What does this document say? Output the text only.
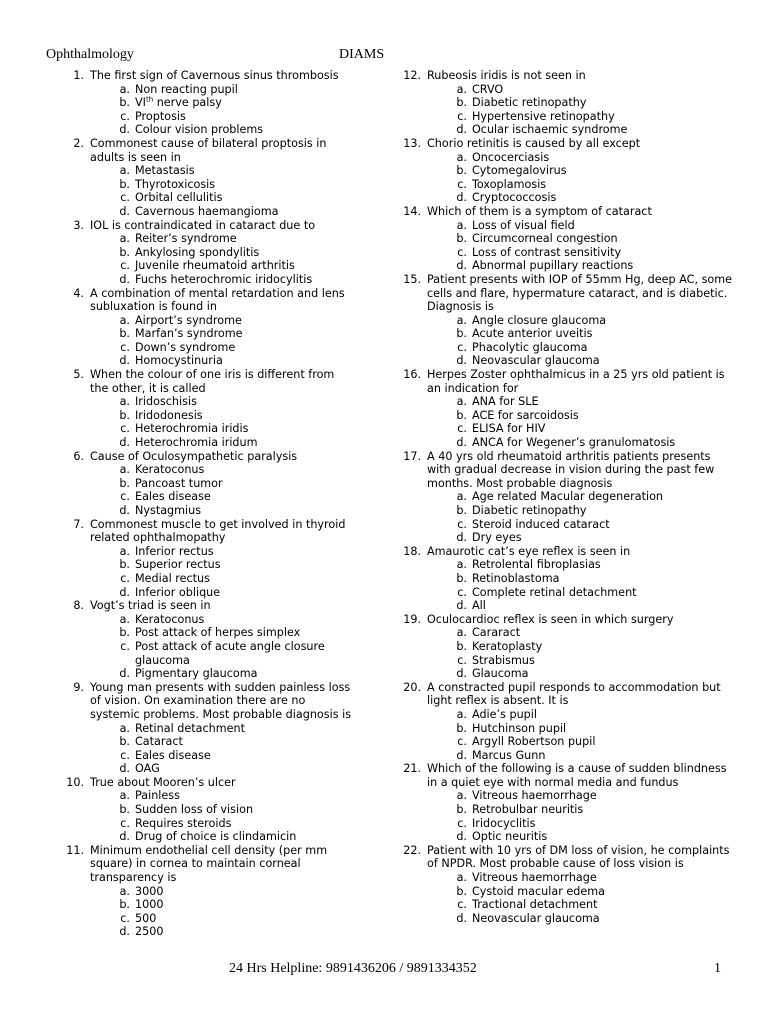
Ophthalmology	DIAMS
1. The first sign of Cavernous sinus thrombosis
a. Non reacting pupil
b. VIth nerve palsy
c. Proptosis
d. Colour vision problems
2. Commonest cause of bilateral proptosis in adults is seen in
a. Metastasis
b. Thyrotoxicosis
c. Orbital cellulitis
d. Cavernous haemangioma
3. IOL is contraindicated in cataract due to
a. Reiter’s syndrome
b. Ankylosing spondylitis
c. Juvenile rheumatoid arthritis
d. Fuchs heterochromic iridocylitis
4. A combination of mental retardation and lens subluxation is found in
a. Airport’s syndrome
b. Marfan’s syndrome
c. Down’s syndrome
d. Homocystinuria
5. When the colour of one iris is different from the other, it is called
a. Iridoschisis
b. Iridodonesis
c. Heterochromia iridis
d. Heterochromia iridum
6. Cause of Oculosympathetic paralysis
a. Keratoconus
b. Pancoast tumor
c. Eales disease
d. Nystagmius
7. Commonest muscle to get involved in thyroid related ophthalmopathy
a. Inferior rectus
b. Superior rectus
c. Medial rectus
d. Inferior oblique
8. Vogt’s triad is seen in
a. Keratoconus
b. Post attack of herpes simplex
c. Post attack of acute angle closure glaucoma
d. Pigmentary glaucoma
9. Young man presents with sudden painless loss of vision. On examination there are no systemic problems. Most probable diagnosis is
a. Retinal detachment
b. Cataract
c. Eales disease
d. OAG
10. True about Mooren’s ulcer
a. Painless
b. Sudden loss of vision
c. Requires steroids
d. Drug of choice is clindamicin
11. Minimum endothelial cell density (per mm square) in cornea to maintain corneal transparency is
a. 3000
b. 1000
c. 500
d. 2500
12. Rubeosis iridis is not seen in
a. CRVO
b. Diabetic retinopathy
c. Hypertensive retinopathy
d. Ocular ischaemic syndrome
13. Chorio retinitis is caused by all except
a. Oncocerciasis
b. Cytomegalovirus
c. Toxoplamosis
d. Cryptococcosis
14. Which of them is a symptom of cataract
a. Loss of visual field
b. Circumcorneal congestion
c. Loss of contrast sensitivity
d. Abnormal pupillary reactions
15. Patient presents with IOP of 55mm Hg, deep AC, some cells and flare, hypermature cataract, and is diabetic. Diagnosis is
a. Angle closure glaucoma
b. Acute anterior uveitis
c. Phacolytic glaucoma
d. Neovascular glaucoma
16. Herpes Zoster ophthalmicus in a 25 yrs old patient is an indication for
a. ANA for SLE
b. ACE for sarcoidosis
c. ELISA for HIV
d. ANCA for Wegener’s granulomatosis
17. A 40 yrs old rheumatoid arthritis patients presents with gradual decrease in vision during the past few months. Most probable diagnosis
a. Age related Macular degeneration
b. Diabetic retinopathy
c. Steroid induced cataract
d. Dry eyes
18. Amaurotic cat’s eye reflex is seen in
a. Retrolental fibroplasias
b. Retinoblastoma
c. Complete retinal detachment
d. All
19. Oculocardioc reflex is seen in which surgery
a. Cararact
b. Keratoplasty
c. Strabismus
d. Glaucoma
20. A constracted pupil responds to accommodation but light reflex is absent. It is
a. Adie’s pupil
b. Hutchinson pupil
c. Argyll Robertson pupil
d. Marcus Gunn
21. Which of the following is a cause of sudden blindness in a quiet eye with normal media and fundus
a. Vitreous haemorrhage
b. Retrobulbar neuritis
c. Iridocyclitis
d. Optic neuritis
22. Patient with 10 yrs of DM loss of vision, he complaints of NPDR. Most probable cause of loss vision is
a. Vitreous haemorrhage
b. Cystoid macular edema
c. Tractional detachment
d. Neovascular glaucoma
24 Hrs Helpline: 9891436206 / 9891334352	1
